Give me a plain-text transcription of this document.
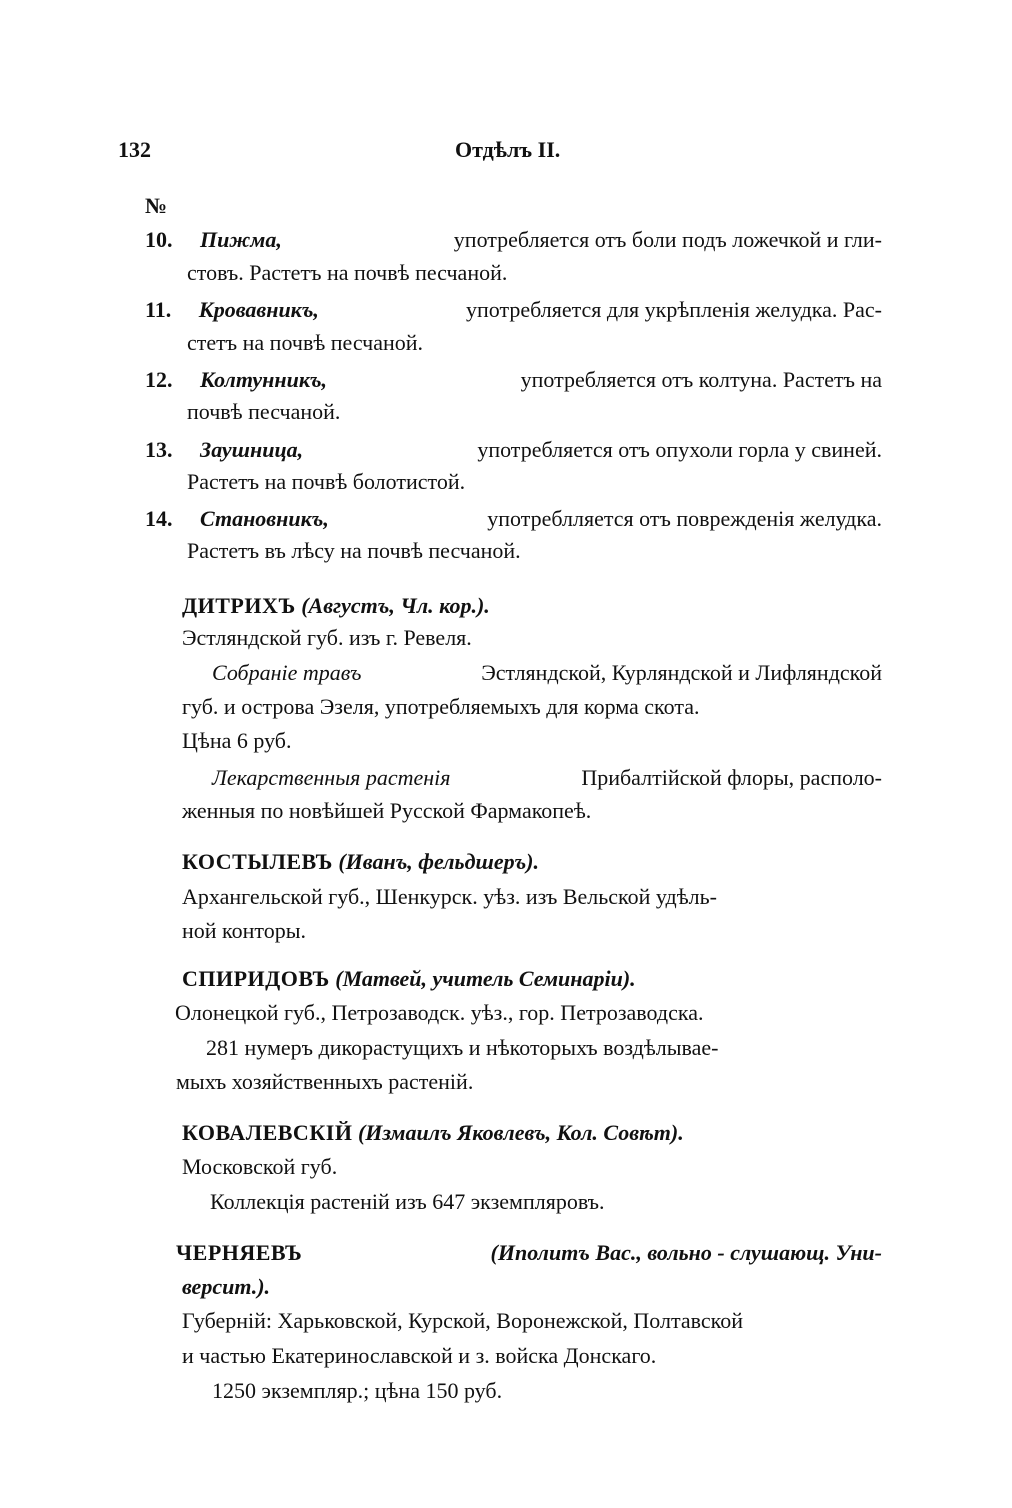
132	Отдѣлъ II.
№
10. Пижма,	употребляется отъ боли подъ ложечкой и гли-
стовъ. Растетъ на почвѣ песчаной.
11. Кровавникъ,	употребляется для укрѣпленія желудка. Рас-
стетъ на почвѣ песчаной.
12. Колтунникъ,	употребляется отъ колтуна. Растетъ на
почвѣ песчаной.
13. Заушница,	употребляется отъ опухоли горла у свиней.
Растетъ на почвѣ болотистой.
14. Становникъ,	употреблляется отъ поврежденія желудка.
Растетъ въ лѣсу на почвѣ песчаной.
ДИТРИХЪ (Августъ, Чл. кор.).
Эстляндской губ. изъ г. Ревеля.
Собраніе травъ	Эстляндской, Курляндской и Лифляндской
губ. и острова Эзеля, употребляемыхъ для корма скота.
Цѣна 6 руб.
Лекарственныя растенія	Прибалтійской флоры, располо-
женныя по новѣйшей Русской Фармакопеѣ.
КОСТЫЛЕВЪ (Иванъ, фельдшеръ).
Архангельской губ., Шенкурск. уѣз. изъ Вельской удѣль-
ной конторы.
СПИРИДОВЪ (Матвей, учитель Семинаріи).
Олонецкой губ., Петрозаводск. уѣз., гор. Петрозаводска.
281 нумеръ дикорастущихъ и нѣкоторыхъ воздѣлывае-
мыхъ хозяйственныхъ растеній.
КОВАЛЕВСКІЙ (Измаилъ Яковлевъ, Кол. Совѣт).
Московской губ.
Коллекція растеній изъ 647 экземпляровъ.
ЧЕРНЯЕВЪ	(Иполитъ Вас., вольно - слушающ. Уни-
версит.).
Губерній: Харьковской, Курской, Воронежской, Полтавской
и частью Екатеринославской и з. войска Донскаго.
1250 экземпляр.; цѣна 150 руб.
